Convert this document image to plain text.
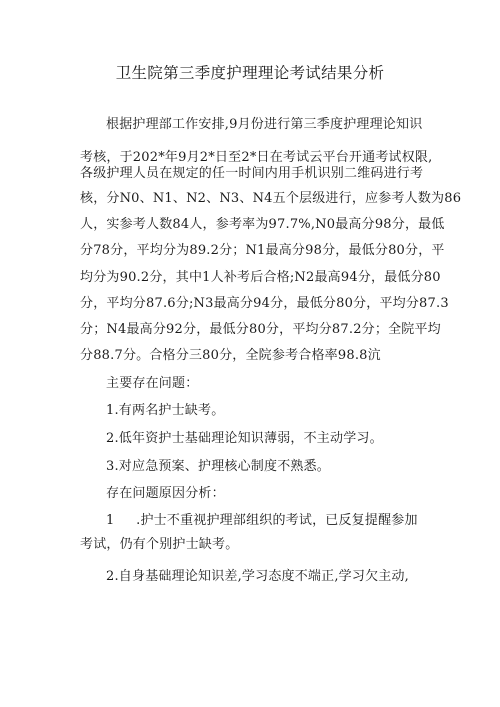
卫生院第三季度护理理论考试结果分析
根据护理部工作安排,9月份进行第三季度护理理论知识
考核，于202*年9月2*日至2*日在考试云平台开通考试权限,
各级护理人员在规定的任一时间内用手机识别二维码进行考
核，分N0、N1、N2、N3、N4五个层级进行，应参考人数为86
人，实参考人数84人，参考率为97.7%,N0最高分98分，最低
分78分，平均分为89.2分；N1最高分98分，最低分80分，平
均分为90.2分，其中1人补考后合格;N2最高94分，最低分80
分，平均分87.6分;N3最高分94分，最低分80分，平均分87.3
分；N4最高分92分，最低分80分，平均分87.2分；全院平均
分88.7分。合格分三80分，全院参考合格率98.8沆
主要存在问题：
1.有两名护士缺考。
2.低年资护士基础理论知识薄弱，不主动学习。
3.对应急预案、护理核心制度不熟悉。
存在问题原因分析：
1     .护士不重视护理部组织的考试，已反复提醒参加
考试，仍有个别护士缺考。
2.自身基础理论知识差,学习态度不端正,学习欠主动,
